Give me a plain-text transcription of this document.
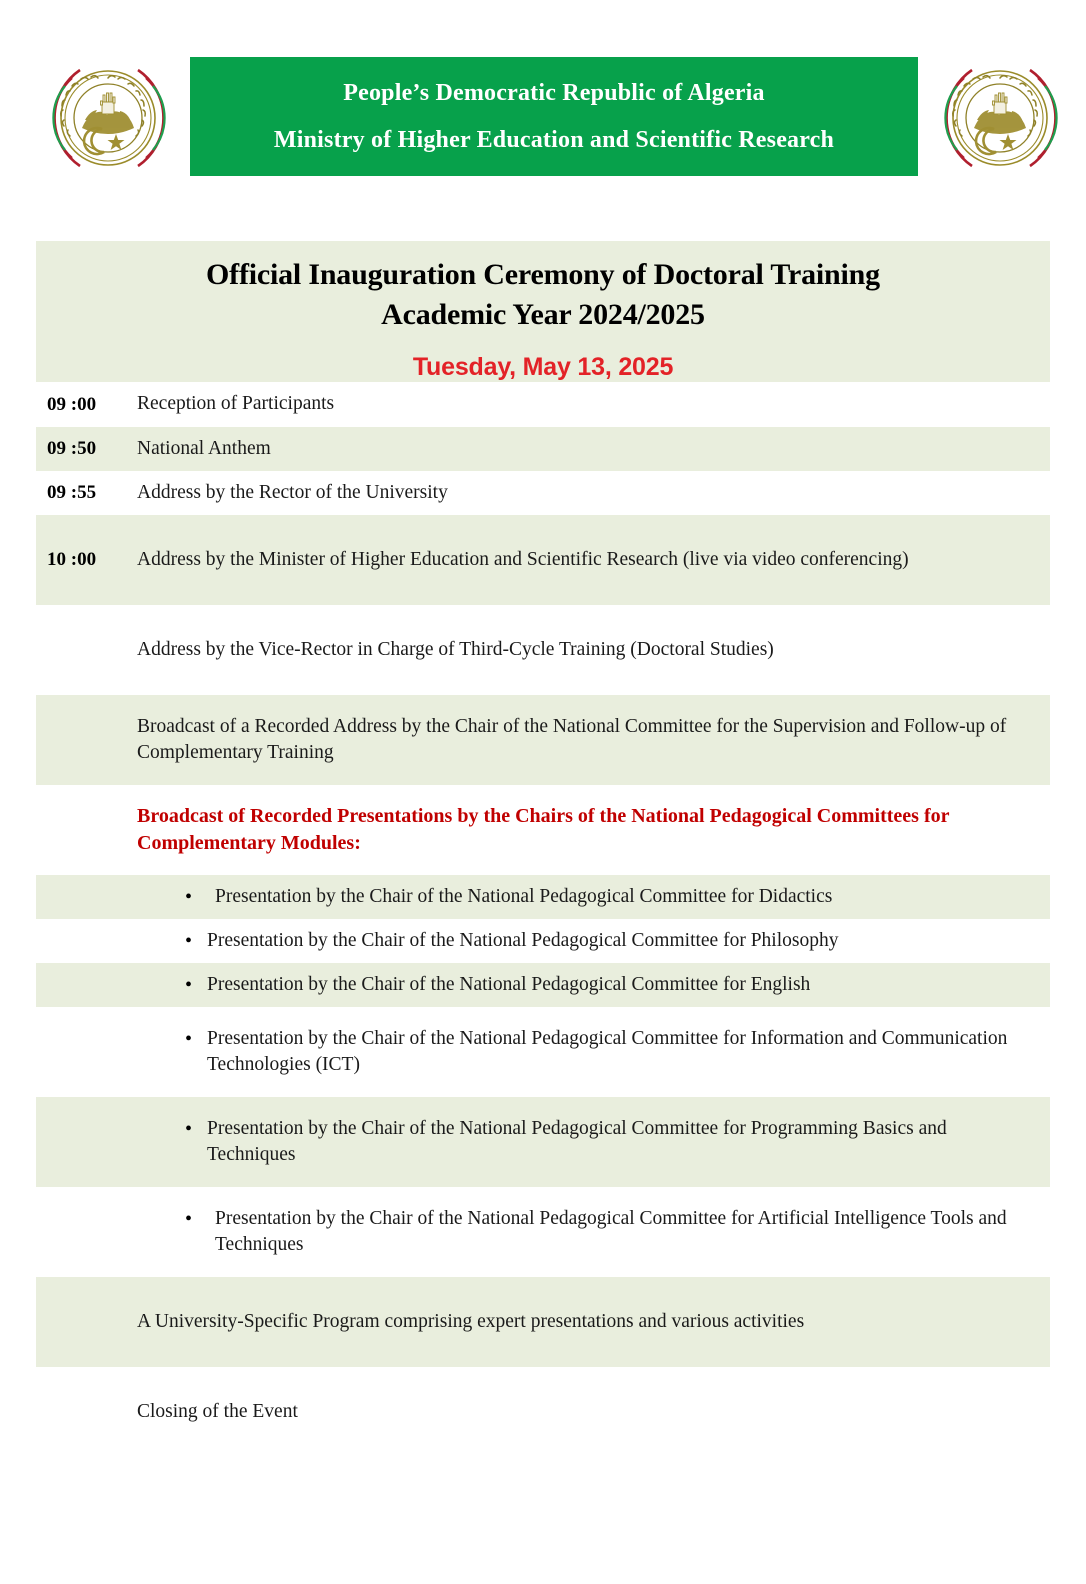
People’s Democratic Republic of Algeria
Ministry of Higher Education and Scientific Research
Official Inauguration Ceremony of Doctoral Training
Academic Year 2024/2025
Tuesday, May 13, 2025
09 :00	Reception of Participants
09 :50	National Anthem
09 :55	Address by the Rector of the University
10 :00	Address by the Minister of Higher Education and Scientific Research (live via video conferencing)
Address by the Vice-Rector in Charge of Third-Cycle Training (Doctoral Studies)
Broadcast of a Recorded Address by the Chair of the National Committee for the Supervision and Follow-up of Complementary Training
Broadcast of Recorded Presentations by the Chairs of the National Pedagogical Committees for Complementary Modules:
• Presentation by the Chair of the National Pedagogical Committee for Didactics
• Presentation by the Chair of the National Pedagogical Committee for Philosophy
• Presentation by the Chair of the National Pedagogical Committee for English
• Presentation by the Chair of the National Pedagogical Committee for Information and Communication Technologies (ICT)
• Presentation by the Chair of the National Pedagogical Committee for Programming Basics and Techniques
• Presentation by the Chair of the National Pedagogical Committee for Artificial Intelligence Tools and Techniques
A University-Specific Program comprising expert presentations and various activities
Closing of the Event
